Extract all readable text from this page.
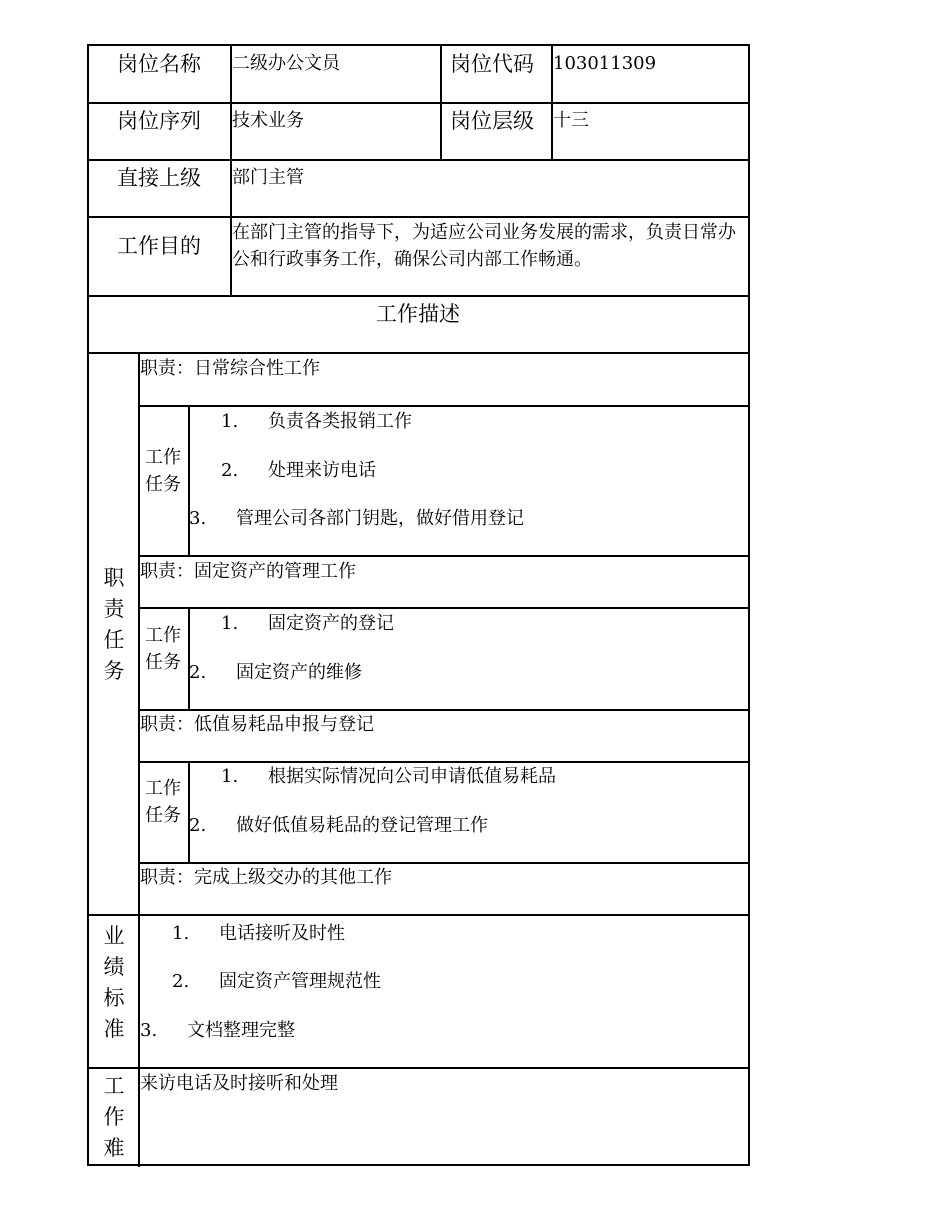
岗位名称 二级办公文员	岗位代码 103011309
岗位序列 技术业务	岗位层级 十三
直接上级 部门主管
工作目的
在部门主管的指导下，为适应公司业务发展的需求，负责日常办公和行政事务工作，确保公司内部工作畅通。
工作描述
职
责
任
务
职责：日常综合性工作
工作任务
1. 负责各类报销工作
2. 处理来访电话
3. 管理公司各部门钥匙，做好借用登记
职责：固定资产的管理工作
工作任务
1. 固定资产的登记
2. 固定资产的维修
职责：低值易耗品申报与登记
工作任务
1. 根据实际情况向公司申请低值易耗品
2. 做好低值易耗品的登记管理工作
职责：完成上级交办的其他工作
业
绩
标
准
1. 电话接听及时性
2. 固定资产管理规范性
3. 文档整理完整
工
作
难
来访电话及时接听和处理
